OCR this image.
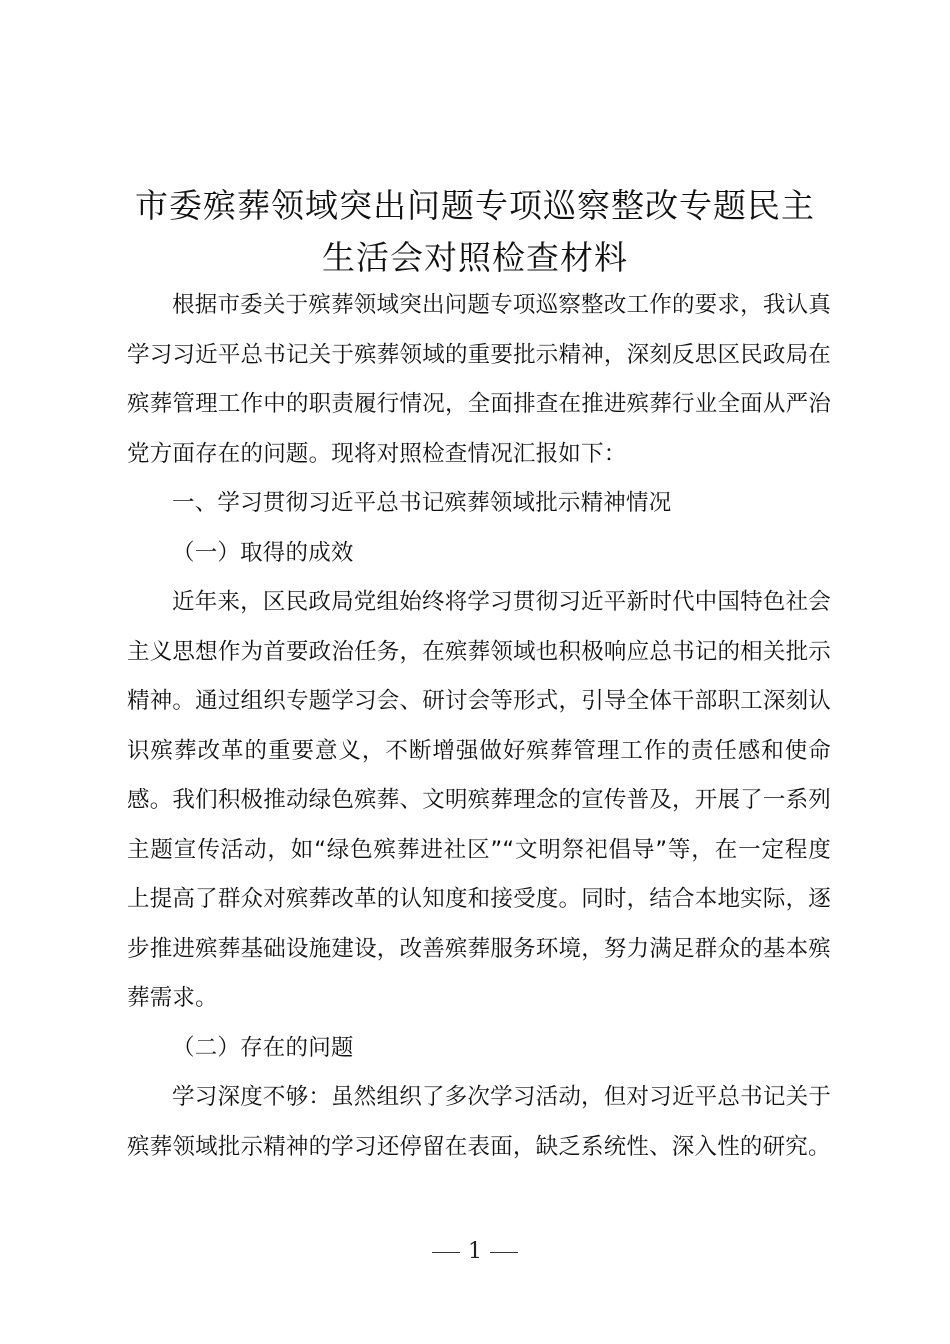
市委殡葬领域突出问题专项巡察整改专题民主
生活会对照检查材料

根据市委关于殡葬领域突出问题专项巡察整改工作的要求，我认真学习习近平总书记关于殡葬领域的重要批示精神，深刻反思区民政局在殡葬管理工作中的职责履行情况，全面排查在推进殡葬行业全面从严治党方面存在的问题。现将对照检查情况汇报如下：

一、学习贯彻习近平总书记殡葬领域批示精神情况

（一）取得的成效

近年来，区民政局党组始终将学习贯彻习近平新时代中国特色社会主义思想作为首要政治任务，在殡葬领域也积极响应总书记的相关批示精神。通过组织专题学习会、研讨会等形式，引导全体干部职工深刻认识殡葬改革的重要意义，不断增强做好殡葬管理工作的责任感和使命感。我们积极推动绿色殡葬、文明殡葬理念的宣传普及，开展了一系列主题宣传活动，如“绿色殡葬进社区”“文明祭祀倡导”等，在一定程度上提高了群众对殡葬改革的认知度和接受度。同时，结合本地实际，逐步推进殡葬基础设施建设，改善殡葬服务环境，努力满足群众的基本殡葬需求。

（二）存在的问题

学习深度不够：虽然组织了多次学习活动，但对习近平总书记关于殡葬领域批示精神的学习还停留在表面，缺乏系统性、深入性的研究。

1
